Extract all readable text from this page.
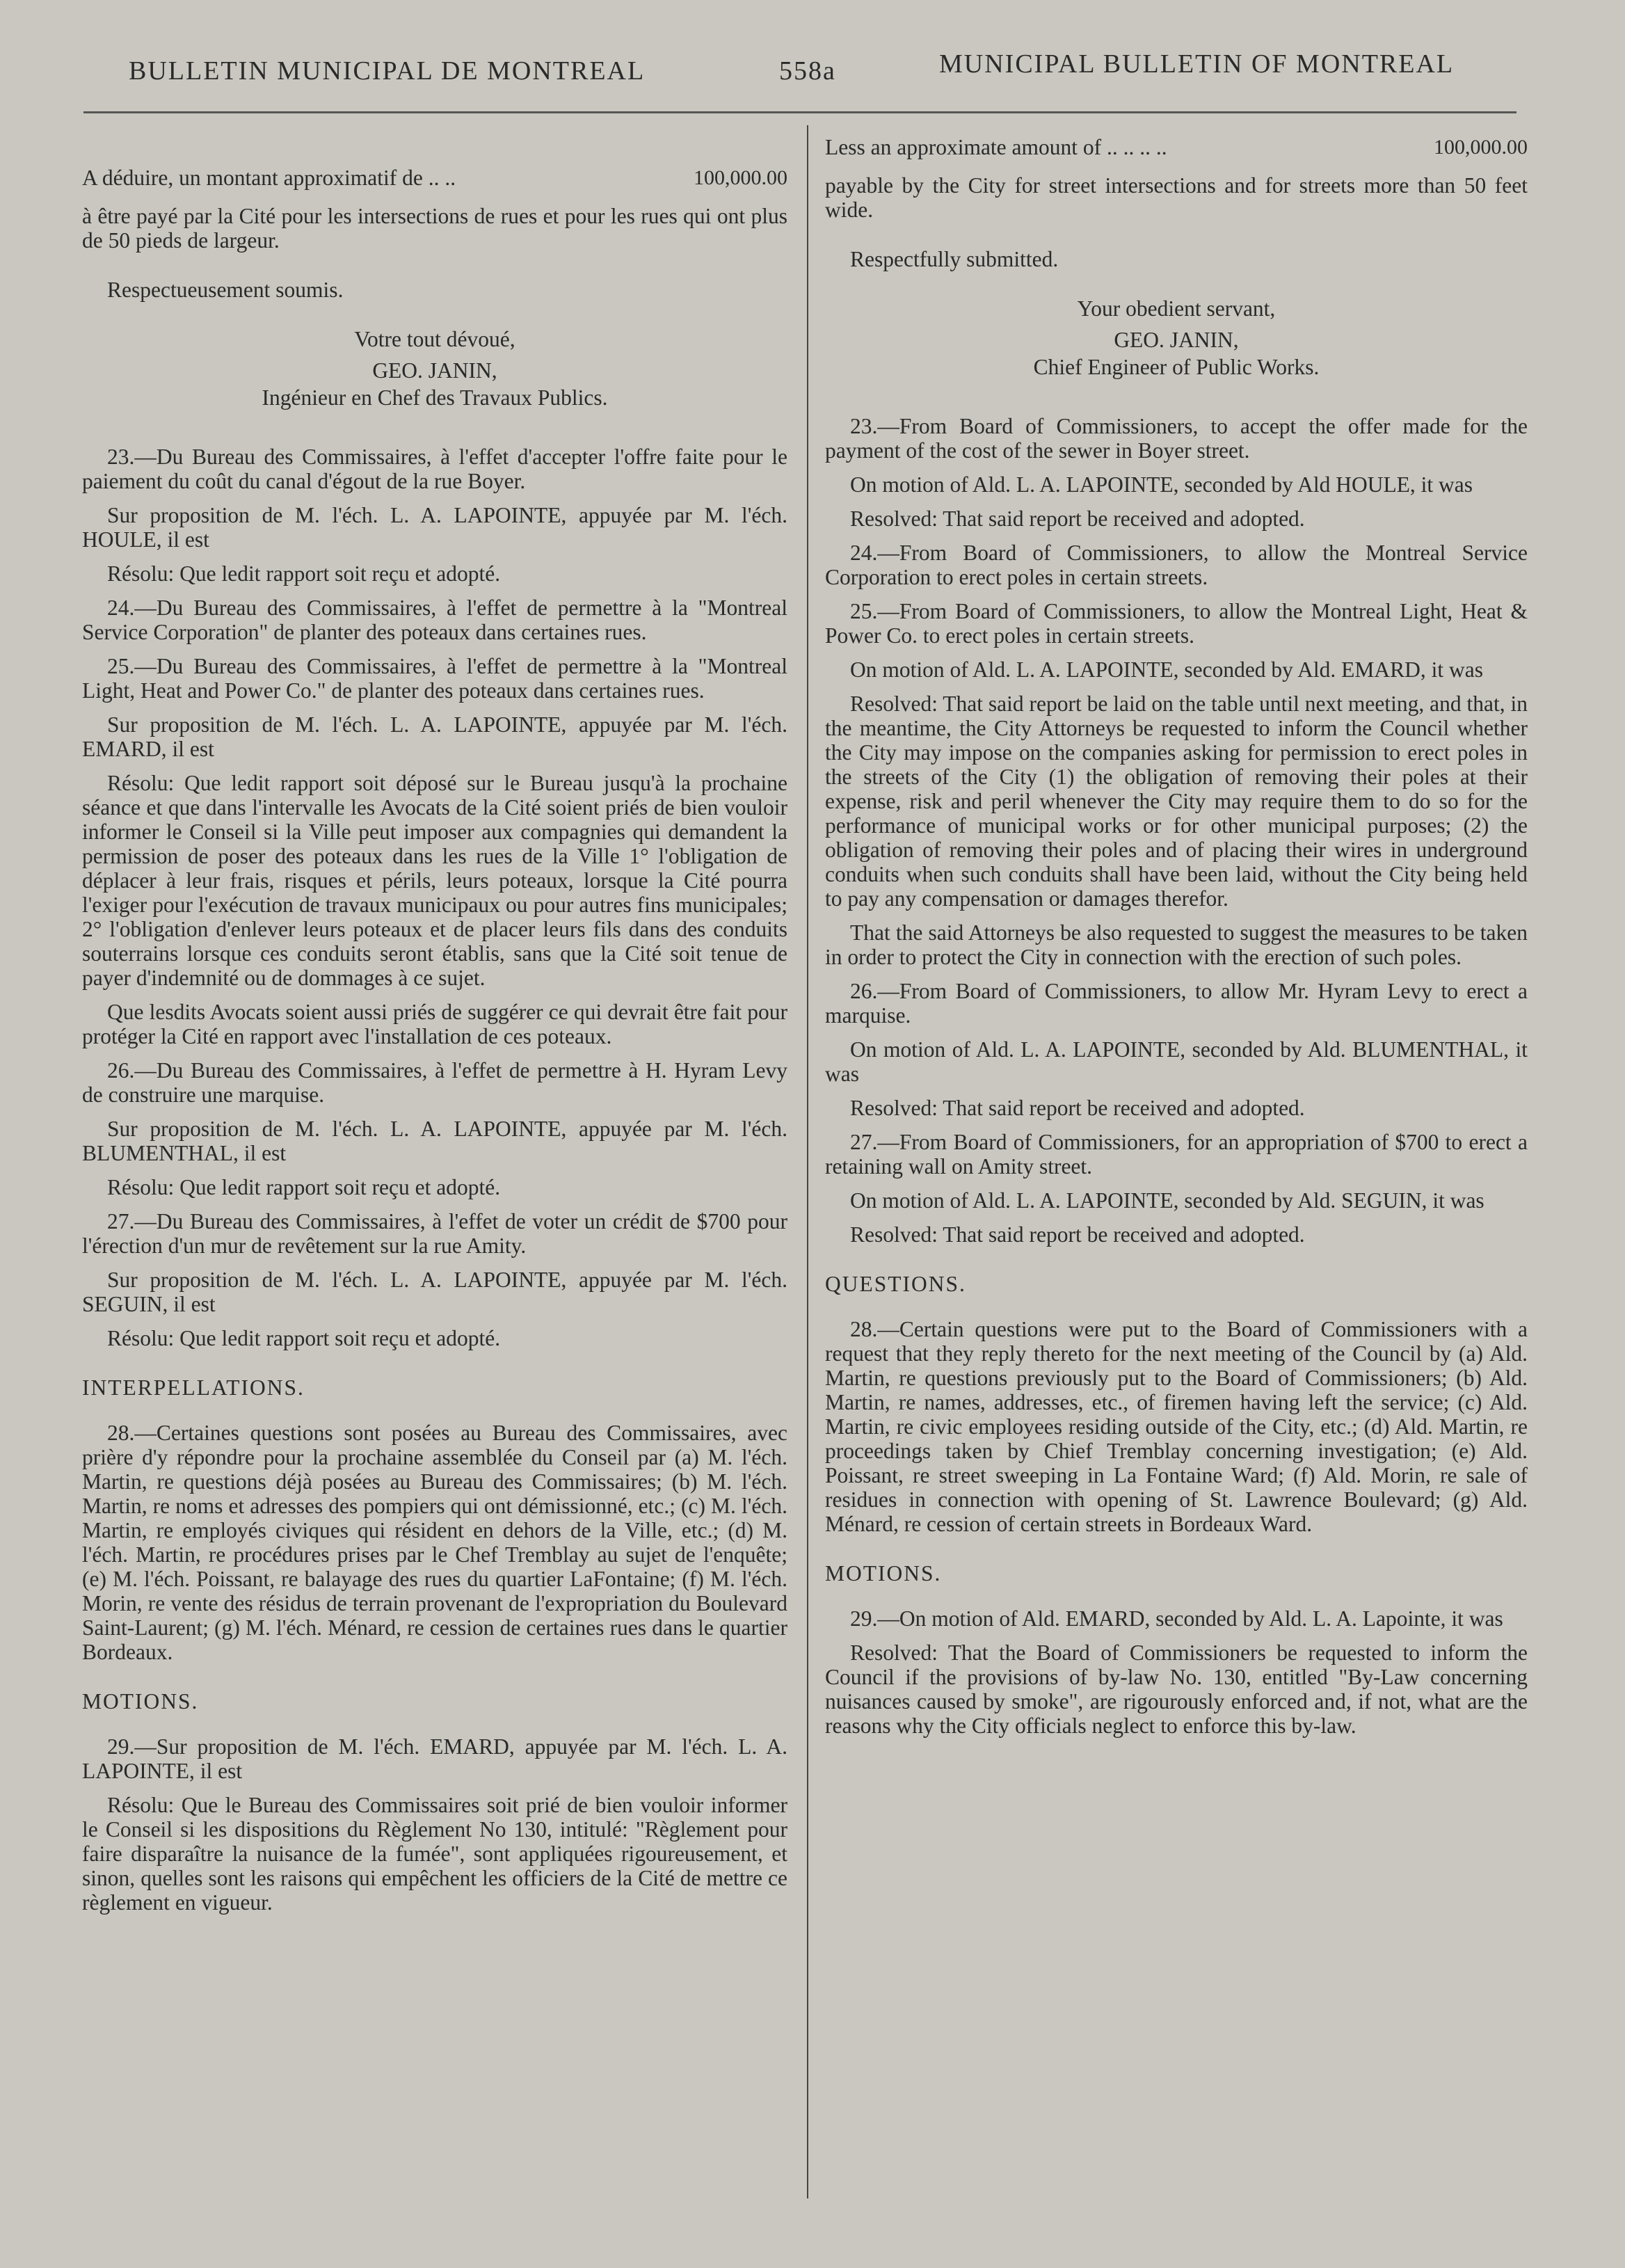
BULLETIN MUNICIPAL DE MONTREAL	558a	MUNICIPAL BULLETIN OF MONTREAL
A déduire, un montant approximatif de .. ..	100,000.00

à être payé par la Cité pour les intersections de rues et pour les rues qui ont plus de 50 pieds de largeur.

Respectueusement soumis.

Votre tout dévoué,

GEO. JANIN,
Ingénieur en Chef des Travaux Publics.

23.—Du Bureau des Commissaires, à l'effet d'accepter l'offre faite pour le paiement du coût du canal d'égout de la rue Boyer.

Sur proposition de M. l'éch. L. A. LAPOINTE, appuyée par M. l'éch. HOULE, il est

Résolu: Que ledit rapport soit reçu et adopté.

24.—Du Bureau des Commissaires, à l'effet de permettre à la "Montreal Service Corporation" de planter des poteaux dans certaines rues.

25.—Du Bureau des Commissaires, à l'effet de permettre à la "Montreal Light, Heat and Power Co." de planter des poteaux dans certaines rues.

Sur proposition de M. l'éch. L. A. LAPOINTE, appuyée par M. l'éch. EMARD, il est

Résolu: Que ledit rapport soit déposé sur le Bureau jusqu'à la prochaine séance et que dans l'intervalle les Avocats de la Cité soient priés de bien vouloir informer le Conseil si la Ville peut imposer aux compagnies qui demandent la permission de poser des poteaux dans les rues de la Ville 1° l'obligation de déplacer à leur frais, risques et périls, leurs poteaux, lorsque la Cité pourra l'exiger pour l'exécution de travaux municipaux ou pour autres fins municipales; 2° l'obligation d'enlever leurs poteaux et de placer leurs fils dans des conduits souterrains lorsque ces conduits seront établis, sans que la Cité soit tenue de payer d'indemnité ou de dommages à ce sujet.

Que lesdits Avocats soient aussi priés de suggérer ce qui devrait être fait pour protéger la Cité en rapport avec l'installation de ces poteaux.

26.—Du Bureau des Commissaires, à l'effet de permettre à H. Hyram Levy de construire une marquise.

Sur proposition de M. l'éch. L. A. LAPOINTE, appuyée par M. l'éch. BLUMENTHAL, il est

Résolu: Que ledit rapport soit reçu et adopté.

27.—Du Bureau des Commissaires, à l'effet de voter un crédit de $700 pour l'érection d'un mur de revêtement sur la rue Amity.

Sur proposition de M. l'éch. L. A. LAPOINTE, appuyée par M. l'éch. SEGUIN, il est

Résolu: Que ledit rapport soit reçu et adopté.

INTERPELLATIONS.

28.—Certaines questions sont posées au Bureau des Commissaires, avec prière d'y répondre pour la prochaine assemblée du Conseil par (a) M. l'éch. Martin, re questions déjà posées au Bureau des Commissaires; (b) M. l'éch. Martin, re noms et adresses des pompiers qui ont démissionné, etc.; (c) M. l'éch. Martin, re employés civiques qui résident en dehors de la Ville, etc.; (d) M. l'éch. Martin, re procédures prises par le Chef Tremblay au sujet de l'enquête; (e) M. l'éch. Poissant, re balayage des rues du quartier LaFontaine; (f) M. l'éch. Morin, re vente des résidus de terrain provenant de l'expropriation du Boulevard Saint-Laurent; (g) M. l'éch. Ménard, re cession de certaines rues dans le quartier Bordeaux.

MOTIONS.

29.—Sur proposition de M. l'éch. EMARD, appuyée par M. l'éch. L. A. LAPOINTE, il est

Résolu: Que le Bureau des Commissaires soit prié de bien vouloir informer le Conseil si les dispositions du Règlement No 130, intitulé: "Règlement pour faire disparaître la nuisance de la fumée", sont appliquées rigoureusement, et sinon, quelles sont les raisons qui empêchent les officiers de la Cité de mettre ce règlement en vigueur.

Less an approximate amount of .. .. .. ..	100,000.00

payable by the City for street intersections and for streets more than 50 feet wide.

Respectfully submitted.

Your obedient servant,

GEO. JANIN,
Chief Engineer of Public Works.

23.—From Board of Commissioners, to accept the offer made for the payment of the cost of the sewer in Boyer street.

On motion of Ald. L. A. LAPOINTE, seconded by Ald HOULE, it was

Resolved: That said report be received and adopted.

24.—From Board of Commissioners, to allow the Montreal Service Corporation to erect poles in certain streets.

25.—From Board of Commissioners, to allow the Montreal Light, Heat & Power Co. to erect poles in certain streets.

On motion of Ald. L. A. LAPOINTE, seconded by Ald. EMARD, it was

Resolved: That said report be laid on the table until next meeting, and that, in the meantime, the City Attorneys be requested to inform the Council whether the City may impose on the companies asking for permission to erect poles in the streets of the City (1) the obligation of removing their poles at their expense, risk and peril whenever the City may require them to do so for the performance of municipal works or for other municipal purposes; (2) the obligation of removing their poles and of placing their wires in underground conduits when such conduits shall have been laid, without the City being held to pay any compensation or damages therefor.

That the said Attorneys be also requested to suggest the measures to be taken in order to protect the City in connection with the erection of such poles.

26.—From Board of Commissioners, to allow Mr. Hyram Levy to erect a marquise.

On motion of Ald. L. A. LAPOINTE, seconded by Ald. BLUMENTHAL, it was

Resolved: That said report be received and adopted.

27.—From Board of Commissioners, for an appropriation of $700 to erect a retaining wall on Amity street.

On motion of Ald. L. A. LAPOINTE, seconded by Ald. SEGUIN, it was

Resolved: That said report be received and adopted.

QUESTIONS.

28.—Certain questions were put to the Board of Commissioners with a request that they reply thereto for the next meeting of the Council by (a) Ald. Martin, re questions previously put to the Board of Commissioners; (b) Ald. Martin, re names, addresses, etc., of firemen having left the service; (c) Ald. Martin, re civic employees residing outside of the City, etc.; (d) Ald. Martin, re proceedings taken by Chief Tremblay concerning investigation; (e) Ald. Poissant, re street sweeping in La Fontaine Ward; (f) Ald. Morin, re sale of residues in connection with opening of St. Lawrence Boulevard; (g) Ald. Ménard, re cession of certain streets in Bordeaux Ward.

MOTIONS.

29.—On motion of Ald. EMARD, seconded by Ald. L. A. Lapointe, it was

Resolved: That the Board of Commissioners be requested to inform the Council if the provisions of by-law No. 130, entitled "By-Law concerning nuisances caused by smoke", are rigourously enforced and, if not, what are the reasons why the City officials neglect to enforce this by-law.
